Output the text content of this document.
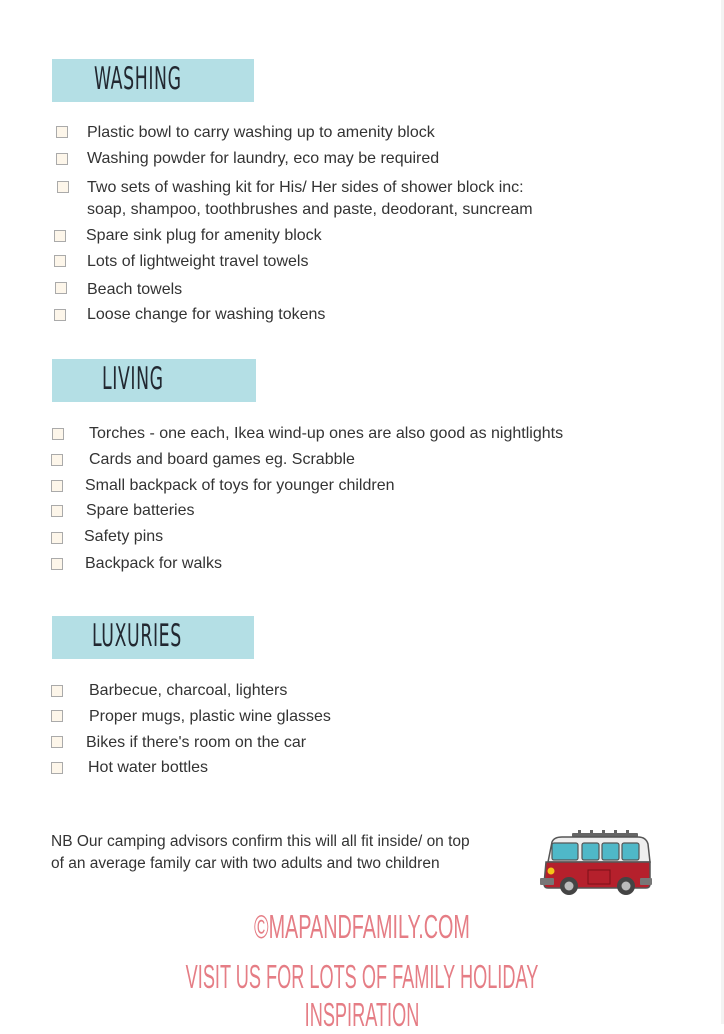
WASHING
Plastic bowl to carry washing up to amenity block
Washing powder for laundry, eco may be required
Two sets of washing kit for His/ Her sides of shower block inc:
soap, shampoo, toothbrushes and paste, deodorant, suncream
Spare sink plug for amenity block
Lots of lightweight travel towels
Beach towels
Loose change for washing tokens
LIVING
Torches - one each, Ikea wind-up ones are also good as nightlights
Cards and board games eg. Scrabble
Small backpack of toys for younger children
Spare batteries
Safety pins
Backpack for walks
LUXURIES
Barbecue, charcoal, lighters
Proper mugs, plastic wine glasses
Bikes if there's room on the car
Hot water bottles
NB Our camping advisors confirm this will all fit inside/ on top
of an average family car with two adults and two children
©MAPANDFAMILY.COM
VISIT US FOR LOTS OF FAMILY HOLIDAY INSPIRATION
